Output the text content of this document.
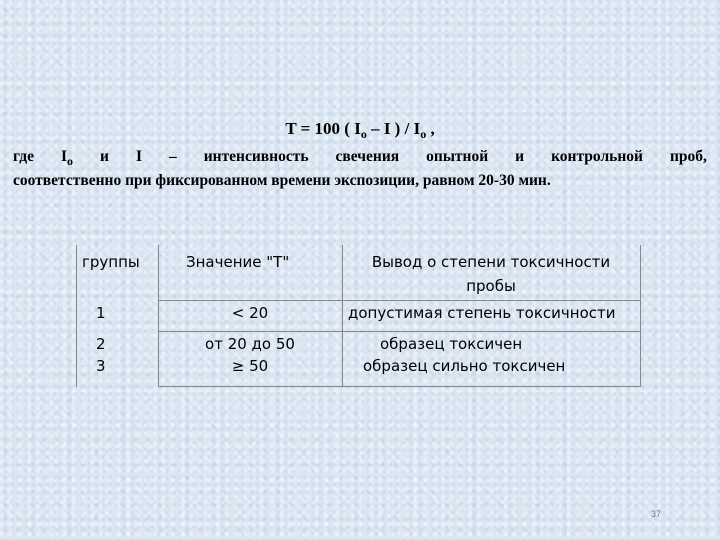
T = 100 ( $I_o$ – I ) / $I_o$ ,
где $I_o$ и I – интенсивность свечения опытной и контрольной проб,
соответственно при фиксированном времени экспозиции, равном 20-30 мин.
группы	Значение "Т"	Вывод о степени токсичности
пробы
1	< 20	допустимая степень токсичности
2	от 20 до 50	образец токсичен
3	≥ 50	образец сильно токсичен
37
